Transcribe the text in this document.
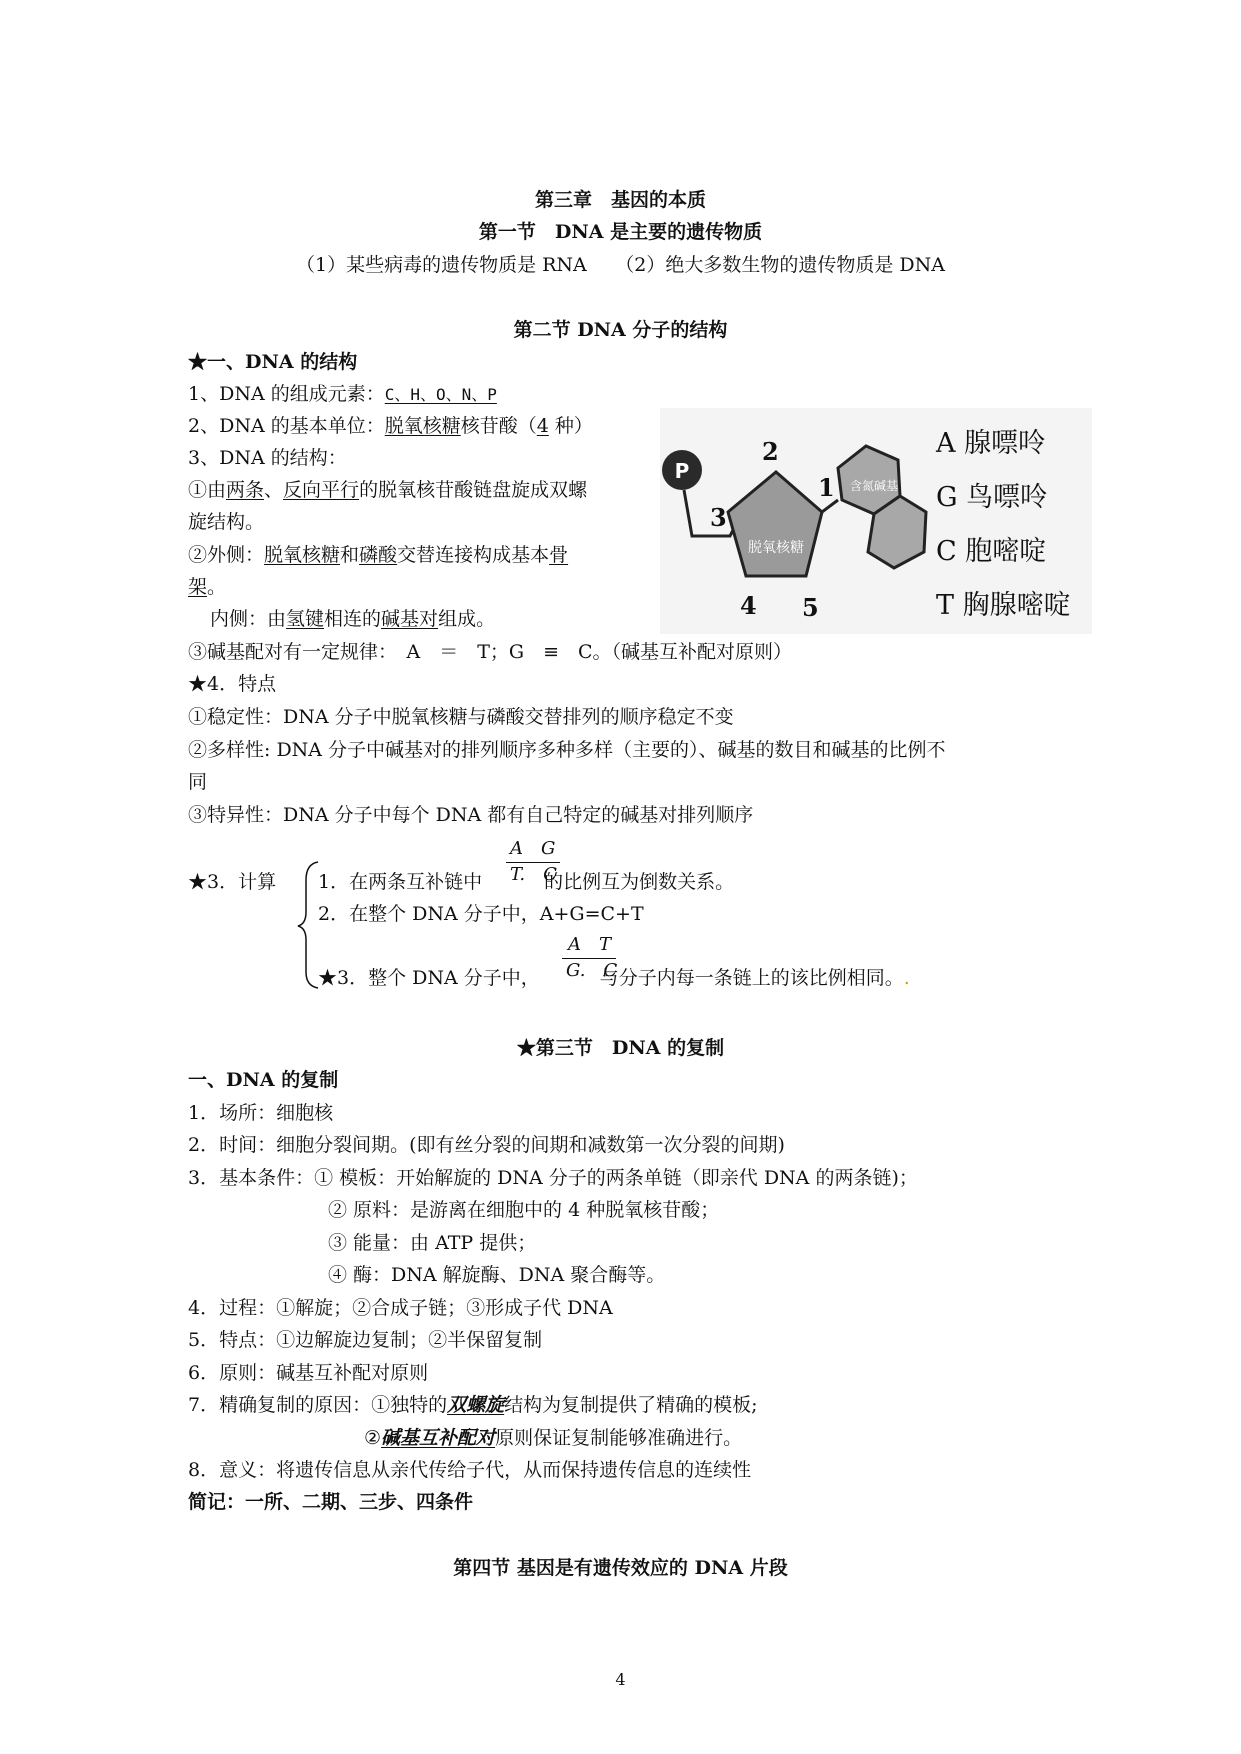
第三章　基因的本质
第一节　DNA 是主要的遗传物质
（1）某些病毒的遗传物质是 RNA　　（2）绝大多数生物的遗传物质是 DNA
第二节 DNA 分子的结构
★一、DNA 的结构
1、DNA 的组成元素：C、H、O、N、P
2、DNA 的基本单位：脱氧核糖核苷酸（4 种）
3、DNA 的结构：
①由两条、反向平行的脱氧核苷酸链盘旋成双螺
旋结构。
②外侧：脱氧核糖和磷酸交替连接构成基本骨
架。
内侧：由氢键相连的碱基对组成。
③碱基配对有一定规律：　A　＝　T；G　≡　C。（碱基互补配对原则）
★4．特点
①稳定性：DNA 分子中脱氧核糖与磷酸交替排列的顺序稳定不变
②多样性: DNA 分子中碱基对的排列顺序多种多样（主要的）、碱基的数目和碱基的比例不
同
③特异性：DNA 分子中每个 DNA 都有自己特定的碱基对排列顺序
★3．计算 1．在两条互补链中	的比例互为倒数关系。
A　G
T.　C
2．在整个 DNA 分子中，A+G=C+T
★3．整个 DNA 分子中，	与分子内每一条链上的该比例相同。.
A　T
G.　C
P
脱氧核糖
含氮碱基
2
1
3
4 5
A 腺嘌呤
G 鸟嘌呤
C 胞嘧啶
T 胸腺嘧啶
★第三节　DNA 的复制
一、DNA 的复制
1．场所：细胞核
2．时间：细胞分裂间期。(即有丝分裂的间期和减数第一次分裂的间期)
3．基本条件：① 模板：开始解旋的 DNA 分子的两条单链（即亲代 DNA 的两条链)；
② 原料：是游离在细胞中的 4 种脱氧核苷酸；
③ 能量：由 ATP 提供；
④ 酶：DNA 解旋酶、DNA 聚合酶等。
4．过程：①解旋；②合成子链；③形成子代 DNA
5．特点：①边解旋边复制；②半保留复制
6．原则：碱基互补配对原则
7．精确复制的原因：①独特的双螺旋结构为复制提供了精确的模板;
②碱基互补配对原则保证复制能够准确进行。
8．意义：将遗传信息从亲代传给子代，从而保持遗传信息的连续性
简记：一所、二期、三步、四条件
第四节 基因是有遗传效应的 DNA 片段
4
